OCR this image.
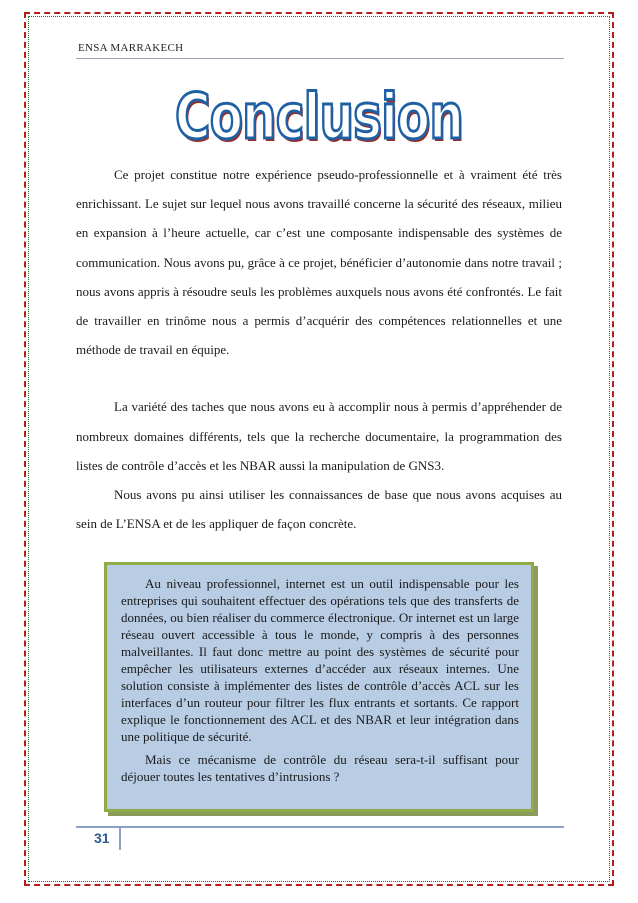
ENSA MARRAKECH
Conclusion

Ce projet constitue notre expérience pseudo-professionnelle et à vraiment été très enrichissant. Le sujet sur lequel nous avons travaillé concerne la sécurité des réseaux, milieu en expansion à l’heure actuelle, car c’est une composante indispensable des systèmes de communication. Nous avons pu, grâce à ce projet, bénéficier d’autonomie dans notre travail ; nous avons appris à résoudre seuls les problèmes auxquels nous avons été confrontés. Le fait de travailler en trinôme nous a permis d’acquérir des compétences relationnelles et une méthode de travail en équipe.

La variété des taches que nous avons eu à accomplir nous à permis d’appréhender de nombreux domaines différents, tels que la recherche documentaire, la programmation des listes de contrôle d’accès et les NBAR aussi la manipulation de GNS3.

Nous avons pu ainsi utiliser les connaissances de base que nous avons acquises au sein de L’ENSA et de les appliquer de façon concrète.

Au niveau professionnel, internet est un outil indispensable pour les entreprises qui souhaitent effectuer des opérations tels que des transferts de données, ou bien réaliser du commerce électronique. Or internet est un large réseau ouvert accessible à tous le monde, y compris à des personnes malveillantes. Il faut donc mettre au point des systèmes de sécurité pour empêcher les utilisateurs externes d’accéder aux réseaux internes. Une solution consiste à implémenter des listes de contrôle d’accès ACL sur les interfaces d’un routeur pour filtrer les flux entrants et sortants. Ce rapport explique le fonctionnement des ACL et des NBAR et leur intégration dans une politique de sécurité.

Mais ce mécanisme de contrôle du réseau sera-t-il suffisant pour déjouer toutes les tentatives d’intrusions ?

31
